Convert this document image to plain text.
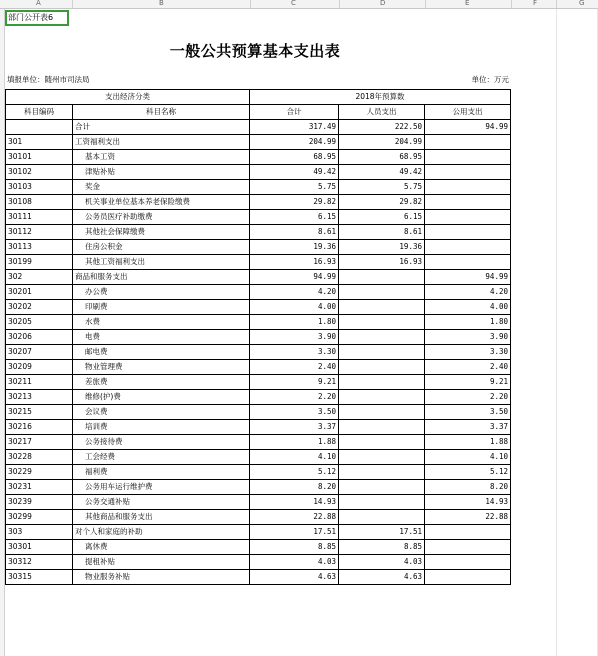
A	B	C	D	E	F	G
部门公开表6
一般公共预算基本支出表
填报单位：随州市司法局	单位：万元
支出经济分类		2018年预算数		
科目编码	科目名称	合计	人员支出	公用支出
	合计	317.49	222.50	94.99
301	工资福利支出	204.99	204.99	
30101	基本工资	68.95	68.95	
30102	津贴补贴	49.42	49.42	
30103	奖金	5.75	5.75	
30108	机关事业单位基本养老保险缴费	29.82	29.82	
30111	公务员医疗补助缴费	6.15	6.15	
30112	其他社会保障缴费	8.61	8.61	
30113	住房公积金	19.36	19.36	
30199	其他工资福利支出	16.93	16.93	
302	商品和服务支出	94.99		94.99
30201	办公费	4.20		4.20
30202	印刷费	4.00		4.00
30205	水费	1.80		1.80
30206	电费	3.90		3.90
30207	邮电费	3.30		3.30
30209	物业管理费	2.40		2.40
30211	差旅费	9.21		9.21
30213	维修(护)费	2.20		2.20
30215	会议费	3.50		3.50
30216	培训费	3.37		3.37
30217	公务接待费	1.88		1.88
30228	工会经费	4.10		4.10
30229	福利费	5.12		5.12
30231	公务用车运行维护费	8.20		8.20
30239	公务交通补贴	14.93		14.93
30299	其他商品和服务支出	22.88		22.88
303	对个人和家庭的补助	17.51	17.51	
30301	离休费	8.85	8.85	
30312	提租补贴	4.03	4.03	
30315	物业服务补贴	4.63	4.63	
